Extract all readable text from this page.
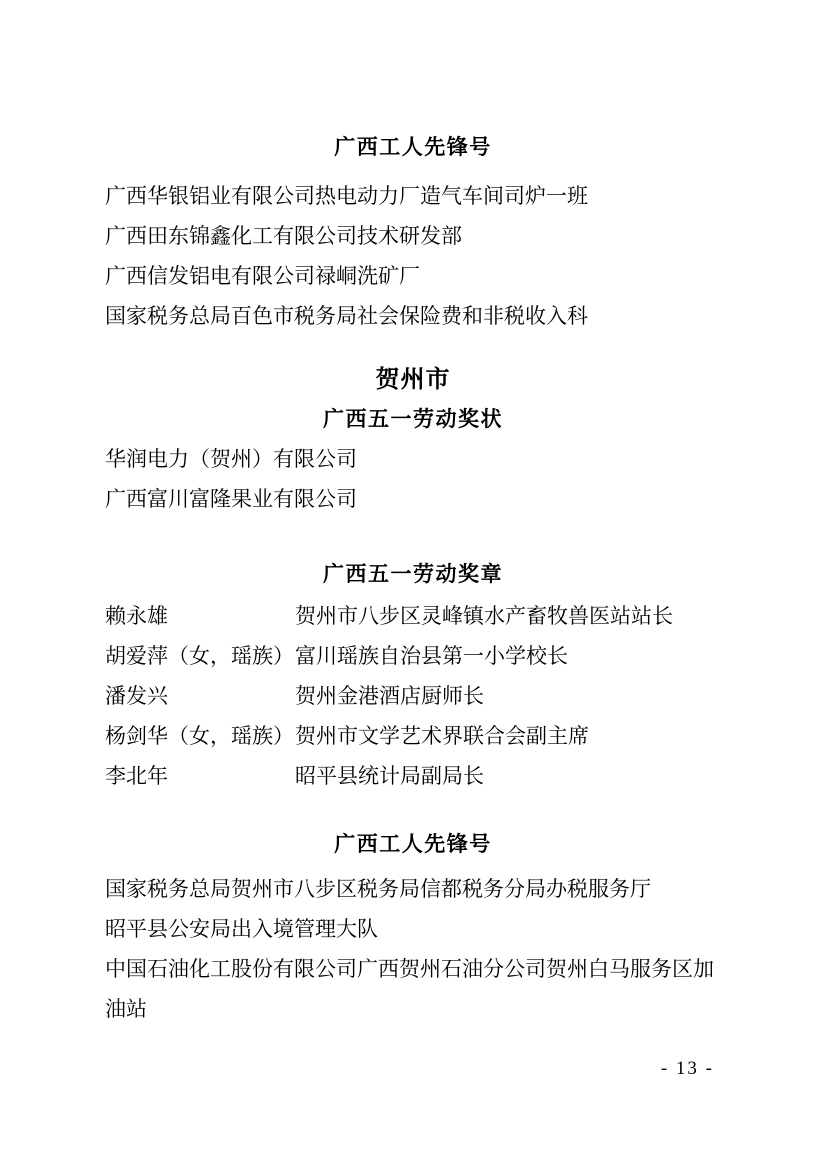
广西工人先锋号
广西华银铝业有限公司热电动力厂造气车间司炉一班
广西田东锦鑫化工有限公司技术研发部
广西信发铝电有限公司禄峒洗矿厂
国家税务总局百色市税务局社会保险费和非税收入科
贺州市
广西五一劳动奖状
华润电力（贺州）有限公司
广西富川富隆果业有限公司
广西五一劳动奖章
赖永雄	贺州市八步区灵峰镇水产畜牧兽医站站长
胡爱萍（女，瑶族） 富川瑶族自治县第一小学校长
潘发兴	贺州金港酒店厨师长
杨剑华（女，瑶族） 贺州市文学艺术界联合会副主席
李北年	昭平县统计局副局长
广西工人先锋号
国家税务总局贺州市八步区税务局信都税务分局办税服务厅
昭平县公安局出入境管理大队
中国石油化工股份有限公司广西贺州石油分公司贺州白马服务区加油站
- 13 -
